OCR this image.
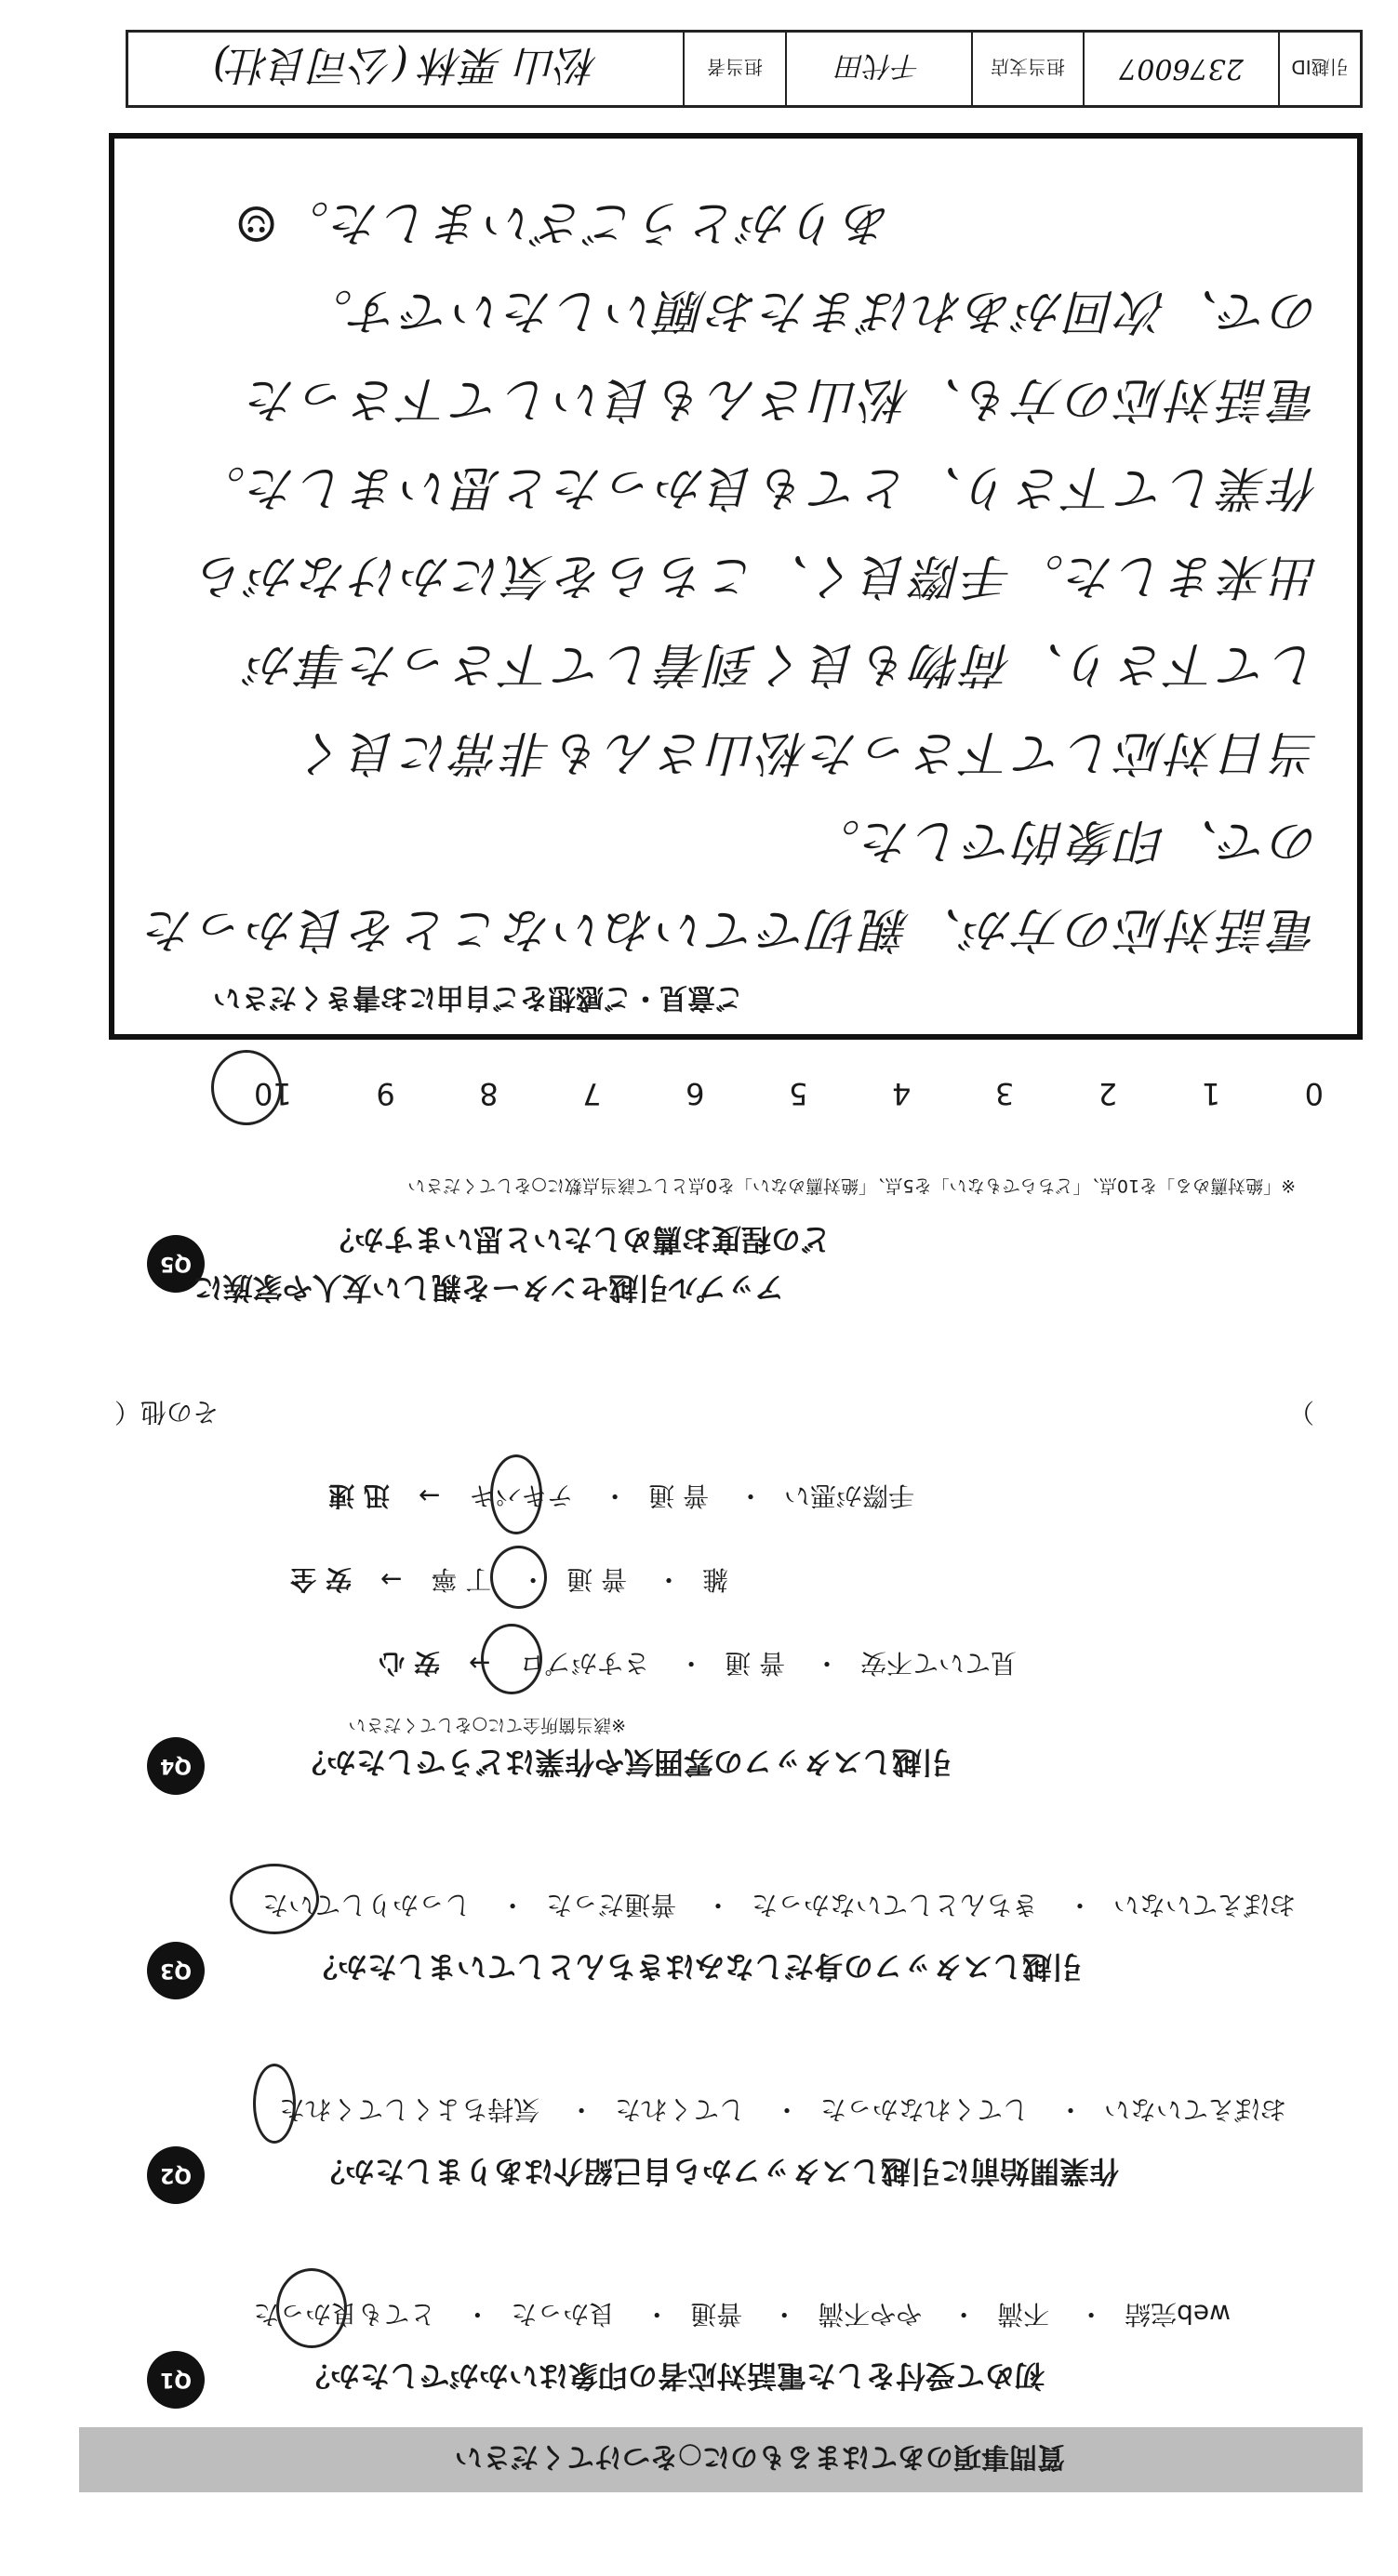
引越ID
2376007
担当支店
千代田
担当者
松山 栗林 (公司良壮)
質問事項のあてはまるものに○をつけてください
Q1	初めて受付をした電話対応者の印象はいかがでしたか？
web完結・ 不満・ やや不満・ 普通・ 良かった・ とても良かった
Q2	作業開始前に引越しスタッフから自己紹介はありましたか？
おぼえていない・ してくれなかった・ してくれた・ 気持ちよくしてくれた
Q3	引越しスタッフの身だしなみはきちんとしていましたか？
おぼえていない・ きちんとしていなかった・ 普通だった・ しっかりしていた
Q4	引越しスタッフの雰囲気や作業はどうでしたか？
※該当箇所全てに○をしてください
見ていて不安・ 普 通・ さすがプロ → 安 心
雑・ 普 通・ 丁 寧 → 安 全
手際が悪い・ 普 通・ テキパキ → 迅 速
）
その他（
Q5
アップル引越センターを親しい友人や家族に
どの程度お薦めしたいと思いますか？
※「絶対薦める」を10点、「どちらでもない」を5点、「絶対薦めない」を0点として該当点数に○をしてください
0
1
2
3
4
5
6
7
8
9
10
ご意見・ご感想をご自由にお書きください
電話対応の方が、親切でていねいなことを良かった
ので、印象的でした。
当日対応して下さった松山さんも非常に良く
して下さり、荷物も良く到着して下さった事が
出来ました。手際良く、こちらを気にかけながら
作業して下さり、とても良かったと思いました。
電話対応の方も、松山さんも良いして下さった
ので、次回があればまたお願いしたいです。
ありがとうございました。☺
